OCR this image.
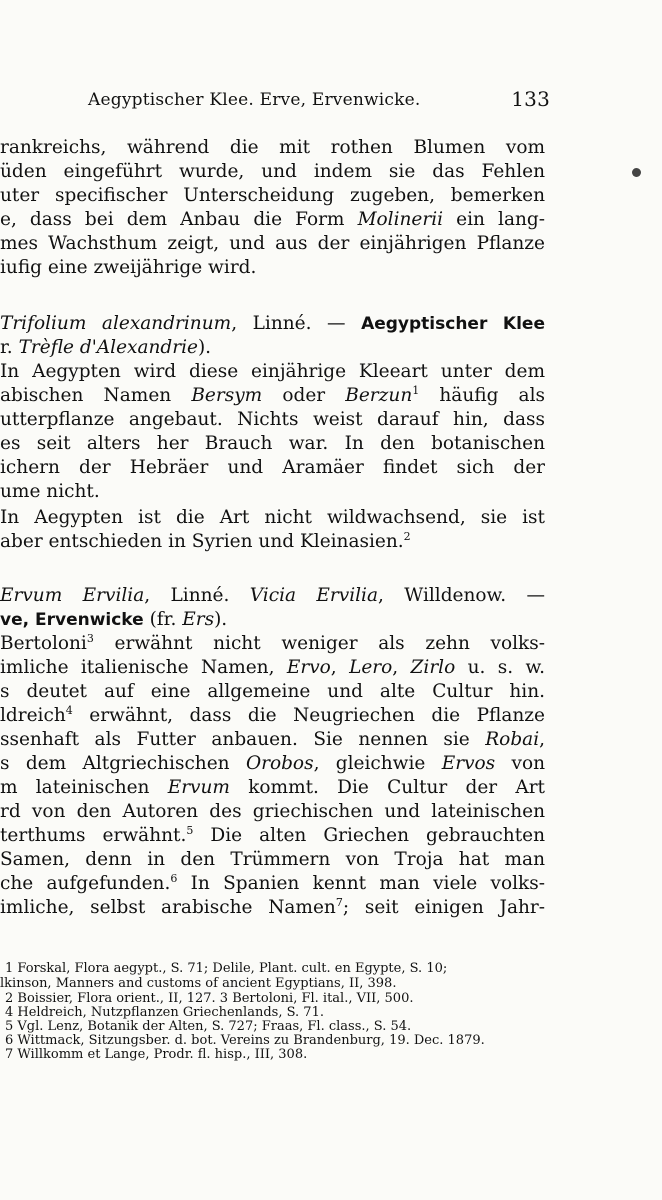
Aegyptischer Klee. Erve, Ervenwicke.	133
rankreichs, während die mit rothen Blumen vom
üden eingeführt wurde, und indem sie das Fehlen
uter specifischer Unterscheidung zugeben, bemerken
e, dass bei dem Anbau die Form Molinerii ein lang-
mes Wachsthum zeigt, und aus der einjährigen Pflanze
iufig eine zweijährige wird.
Trifolium alexandrinum, Linné. — Aegyptischer Klee
r. Trèfle d'Alexandrie).
In Aegypten wird diese einjährige Kleeart unter dem
abischen Namen Bersym oder Berzun$^1$ häufig als
utterpflanze angebaut. Nichts weist darauf hin, dass
es seit alters her Brauch war. In den botanischen
ichern der Hebräer und Aramäer findet sich der
ume nicht.
In Aegypten ist die Art nicht wildwachsend, sie ist
aber entschieden in Syrien und Kleinasien.$^2$
Ervum Ervilia, Linné. Vicia Ervilia, Willdenow. —
ve, Ervenwicke (fr. Ers).
Bertoloni$^3$ erwähnt nicht weniger als zehn volks-
imliche italienische Namen, Ervo, Lero, Zirlo u. s. w.
s deutet auf eine allgemeine und alte Cultur hin.
ldreich$^4$ erwähnt, dass die Neugriechen die Pflanze
ssenhaft als Futter anbauen. Sie nennen sie Robai,
s dem Altgriechischen Orobos, gleichwie Ervos von
m lateinischen Ervum kommt. Die Cultur der Art
rd von den Autoren des griechischen und lateinischen
terthums erwähnt.$^5$ Die alten Griechen gebrauchten
Samen, denn in den Trümmern von Troja hat man
che aufgefunden.$^6$ In Spanien kennt man viele volks-
imliche, selbst arabische Namen$^7$; seit einigen Jahr-
1 Forskal, Flora aegypt., S. 71; Delile, Plant. cult. en Egypte, S. 10;
lkinson, Manners and customs of ancient Egyptians, II, 398.
2 Boissier, Flora orient., II, 127. 3 Bertoloni, Fl. ital., VII, 500.
4 Heldreich, Nutzpflanzen Griechenlands, S. 71.
5 Vgl. Lenz, Botanik der Alten, S. 727; Fraas, Fl. class., S. 54.
6 Wittmack, Sitzungsber. d. bot. Vereins zu Brandenburg, 19. Dec. 1879.
7 Willkomm et Lange, Prodr. fl. hisp., III, 308.
